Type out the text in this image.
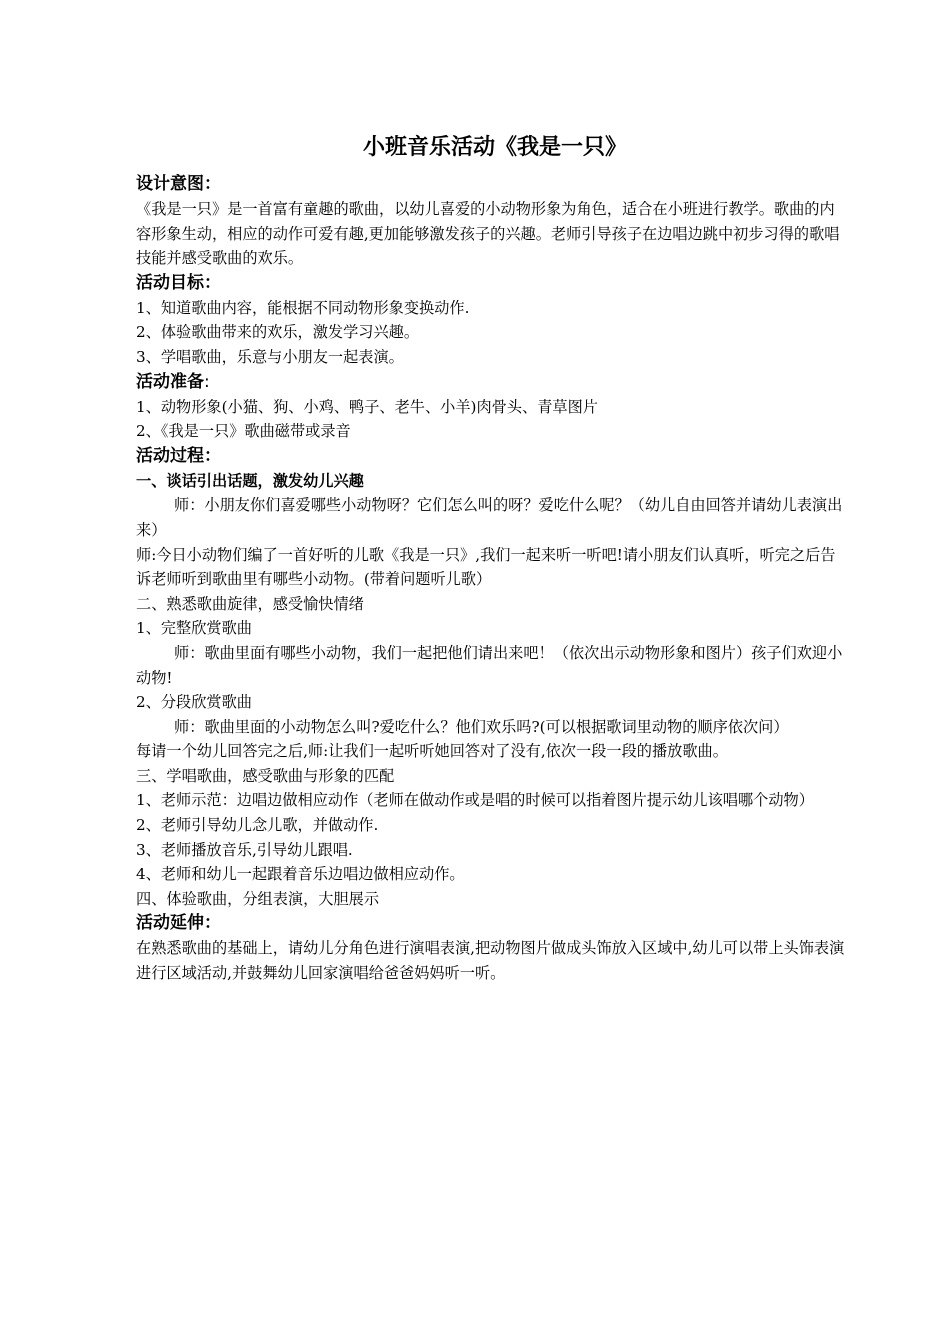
小班音乐活动《我是一只》
设计意图：

《我是一只》是一首富有童趣的歌曲，以幼儿喜爱的小动物形象为角色，适合在小班进行教学。歌曲的内容形象生动，相应的动作可爱有趣,更加能够激发孩子的兴趣。老师引导孩子在边唱边跳中初步习得的歌唱技能并感受歌曲的欢乐。

活动目标：

1、知道歌曲内容，能根据不同动物形象变换动作.

2、体验歌曲带来的欢乐，激发学习兴趣。

3、学唱歌曲，乐意与小朋友一起表演。

活动准备:

1、动物形象(小猫、狗、小鸡、鸭子、老牛、小羊)肉骨头、青草图片

2、《我是一只》歌曲磁带或录音

活动过程：

一、谈话引出话题，激发幼儿兴趣

师：小朋友你们喜爱哪些小动物呀？它们怎么叫的呀？爱吃什么呢？（幼儿自由回答并请幼儿表演出来）

师:今日小动物们编了一首好听的儿歌《我是一只》,我们一起来听一听吧!请小朋友们认真听，听完之后告诉老师听到歌曲里有哪些小动物。(带着问题听儿歌）

二、熟悉歌曲旋律，感受愉快情绪

1、完整欣赏歌曲

师：歌曲里面有哪些小动物，我们一起把他们请出来吧！（依次出示动物形象和图片）孩子们欢迎小动物!

2、分段欣赏歌曲

师：歌曲里面的小动物怎么叫?爱吃什么？他们欢乐吗?(可以根据歌词里动物的顺序依次问）

每请一个幼儿回答完之后,师:让我们一起听听她回答对了没有,依次一段一段的播放歌曲。

三、学唱歌曲，感受歌曲与形象的匹配

1、老师示范：边唱边做相应动作（老师在做动作或是唱的时候可以指着图片提示幼儿该唱哪个动物）

2、老师引导幼儿念儿歌，并做动作.

3、老师播放音乐,引导幼儿跟唱.

4、老师和幼儿一起跟着音乐边唱边做相应动作。

四、体验歌曲，分组表演，大胆展示

活动延伸：

在熟悉歌曲的基础上，请幼儿分角色进行演唱表演,把动物图片做成头饰放入区域中,幼儿可以带上头饰表演进行区域活动,并鼓舞幼儿回家演唱给爸爸妈妈听一听。
